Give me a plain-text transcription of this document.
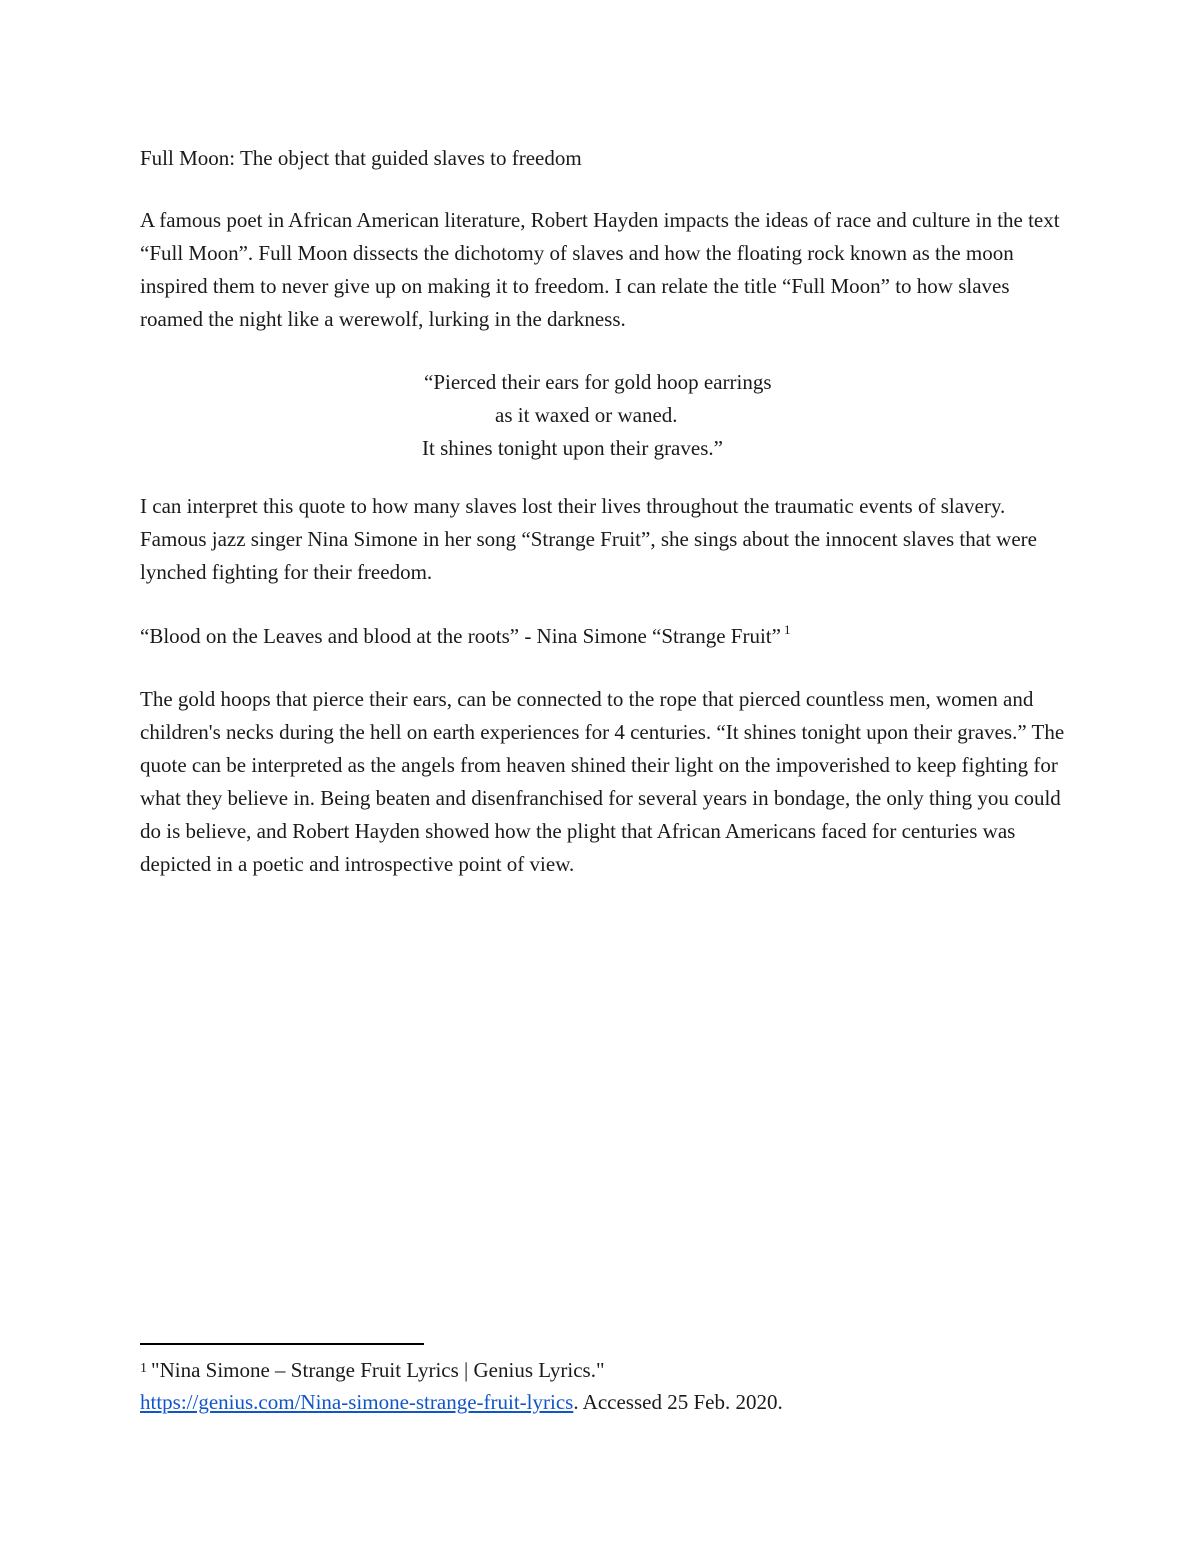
Full Moon: The object that guided slaves to freedom

A famous poet in African American literature, Robert Hayden impacts the ideas of race and culture in the text “Full Moon”. Full Moon dissects the dichotomy of slaves and how the floating rock known as the moon inspired them to never give up on making it to freedom. I can relate the title “Full Moon” to how slaves roamed the night like a werewolf, lurking in the darkness.

“Pierced their ears for gold hoop earrings
as it waxed or waned.
It shines tonight upon their graves.”

I can interpret this quote to how many slaves lost their lives throughout the traumatic events of slavery. Famous jazz singer Nina Simone in her song “Strange Fruit”, she sings about the innocent slaves that were lynched fighting for their freedom.

“Blood on the Leaves and blood at the roots” - Nina Simone “Strange Fruit” $^1$

The gold hoops that pierce their ears, can be connected to the rope that pierced countless men, women and children's necks during the hell on earth experiences for 4 centuries. “It shines tonight upon their graves.” The quote can be interpreted as the angels from heaven shined their light on the impoverished to keep fighting for what they believe in. Being beaten and disenfranchised for several years in bondage, the only thing you could do is believe, and Robert Hayden showed how the plight that African Americans faced for centuries was depicted in a poetic and introspective point of view.

$^1$ "Nina Simone – Strange Fruit Lyrics | Genius Lyrics."
https://genius.com/Nina-simone-strange-fruit-lyrics. Accessed 25 Feb. 2020.
